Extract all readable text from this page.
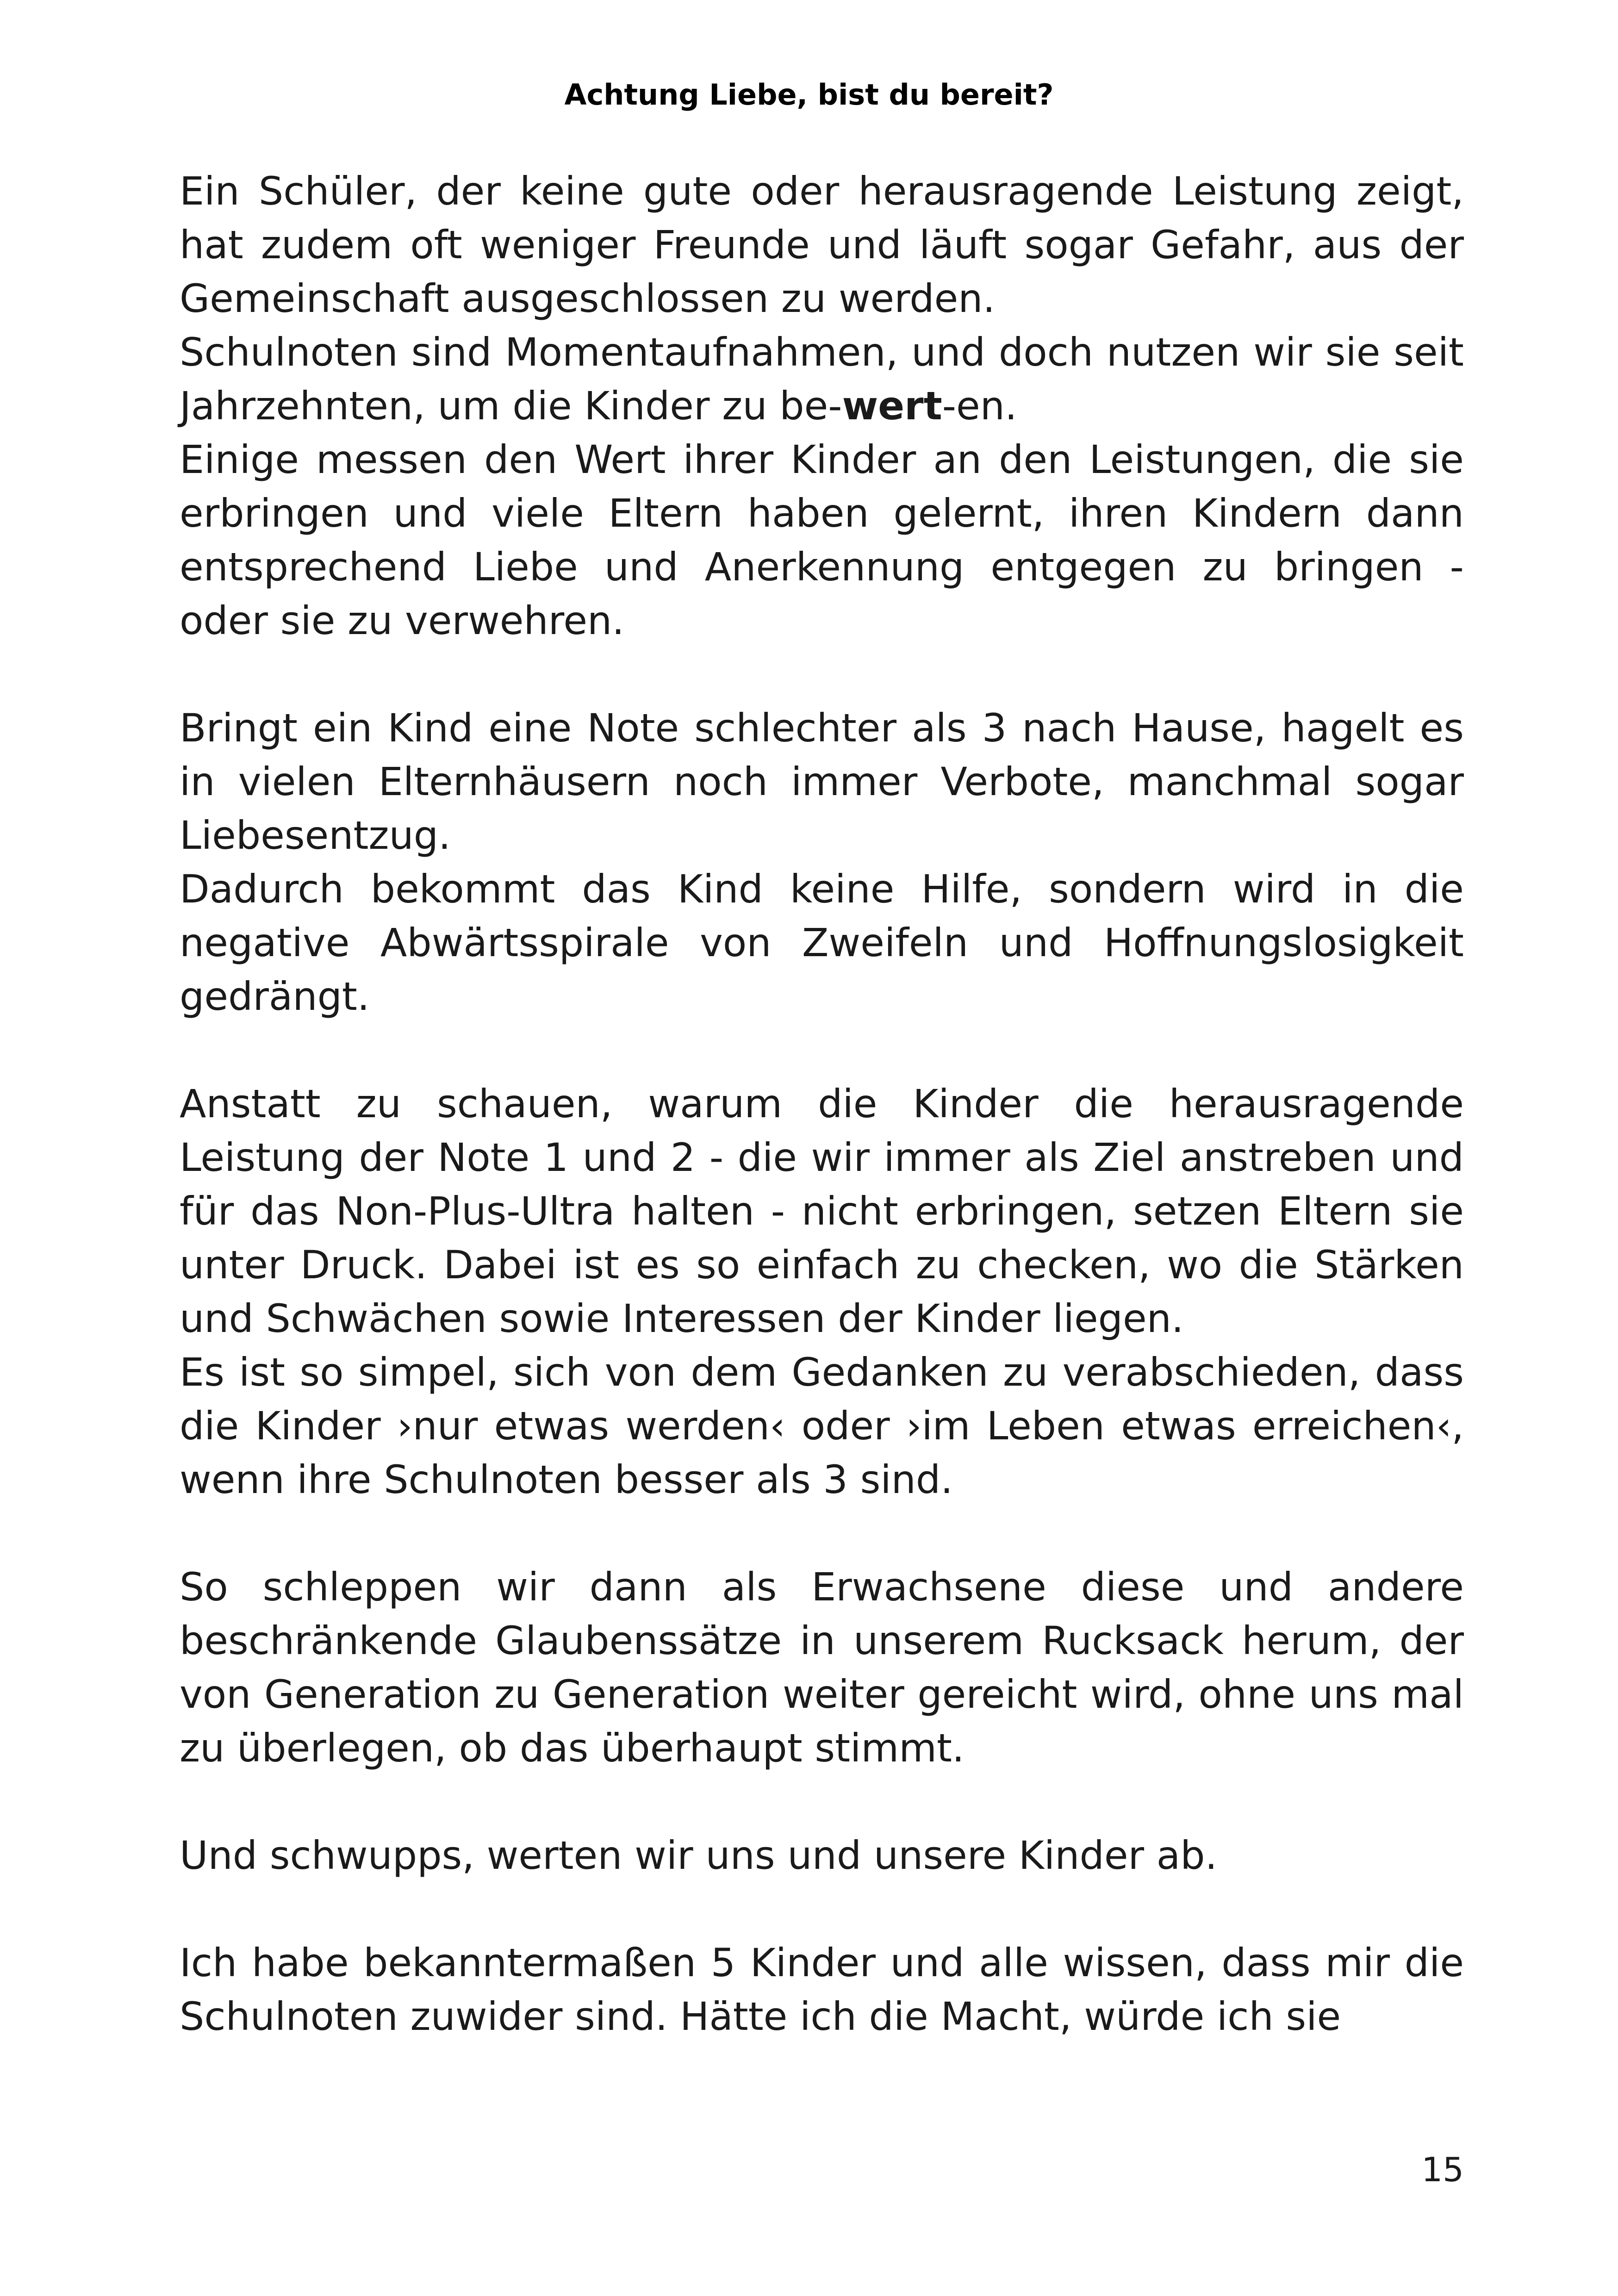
Achtung Liebe, bist du bereit?

Ein Schüler, der keine gute oder herausragende Leistung zeigt, hat zudem oft weniger Freunde und läuft sogar Gefahr, aus der Gemeinschaft ausgeschlossen zu werden.

Schulnoten sind Momentaufnahmen, und doch nutzen wir sie seit Jahrzehnten, um die Kinder zu be-wert-en.

Einige messen den Wert ihrer Kinder an den Leistungen, die sie erbringen und viele Eltern haben gelernt, ihren Kindern dann entsprechend Liebe und Anerkennung entgegen zu bringen - oder sie zu verwehren.

Bringt ein Kind eine Note schlechter als 3 nach Hause, hagelt es in vielen Elternhäusern noch immer Verbote, manchmal sogar Liebesentzug.

Dadurch bekommt das Kind keine Hilfe, sondern wird in die negative Abwärtsspirale von Zweifeln und Hoffnungslosigkeit gedrängt.

Anstatt zu schauen, warum die Kinder die herausragende Leistung der Note 1 und 2 - die wir immer als Ziel anstreben und für das Non-Plus-Ultra halten - nicht erbringen, setzen Eltern sie unter Druck. Dabei ist es so einfach zu checken, wo die Stärken und Schwächen sowie Interessen der Kinder liegen.

Es ist so simpel, sich von dem Gedanken zu verabschieden, dass die Kinder ›nur etwas werden‹ oder ›im Leben etwas erreichen‹, wenn ihre Schulnoten besser als 3 sind.

So schleppen wir dann als Erwachsene diese und andere beschränkende Glaubenssätze in unserem Rucksack herum, der von Generation zu Generation weiter gereicht wird, ohne uns mal zu überlegen, ob das überhaupt stimmt.

Und schwupps, werten wir uns und unsere Kinder ab.

Ich habe bekanntermaßen 5 Kinder und alle wissen, dass mir die Schulnoten zuwider sind. Hätte ich die Macht, würde ich sie

15
